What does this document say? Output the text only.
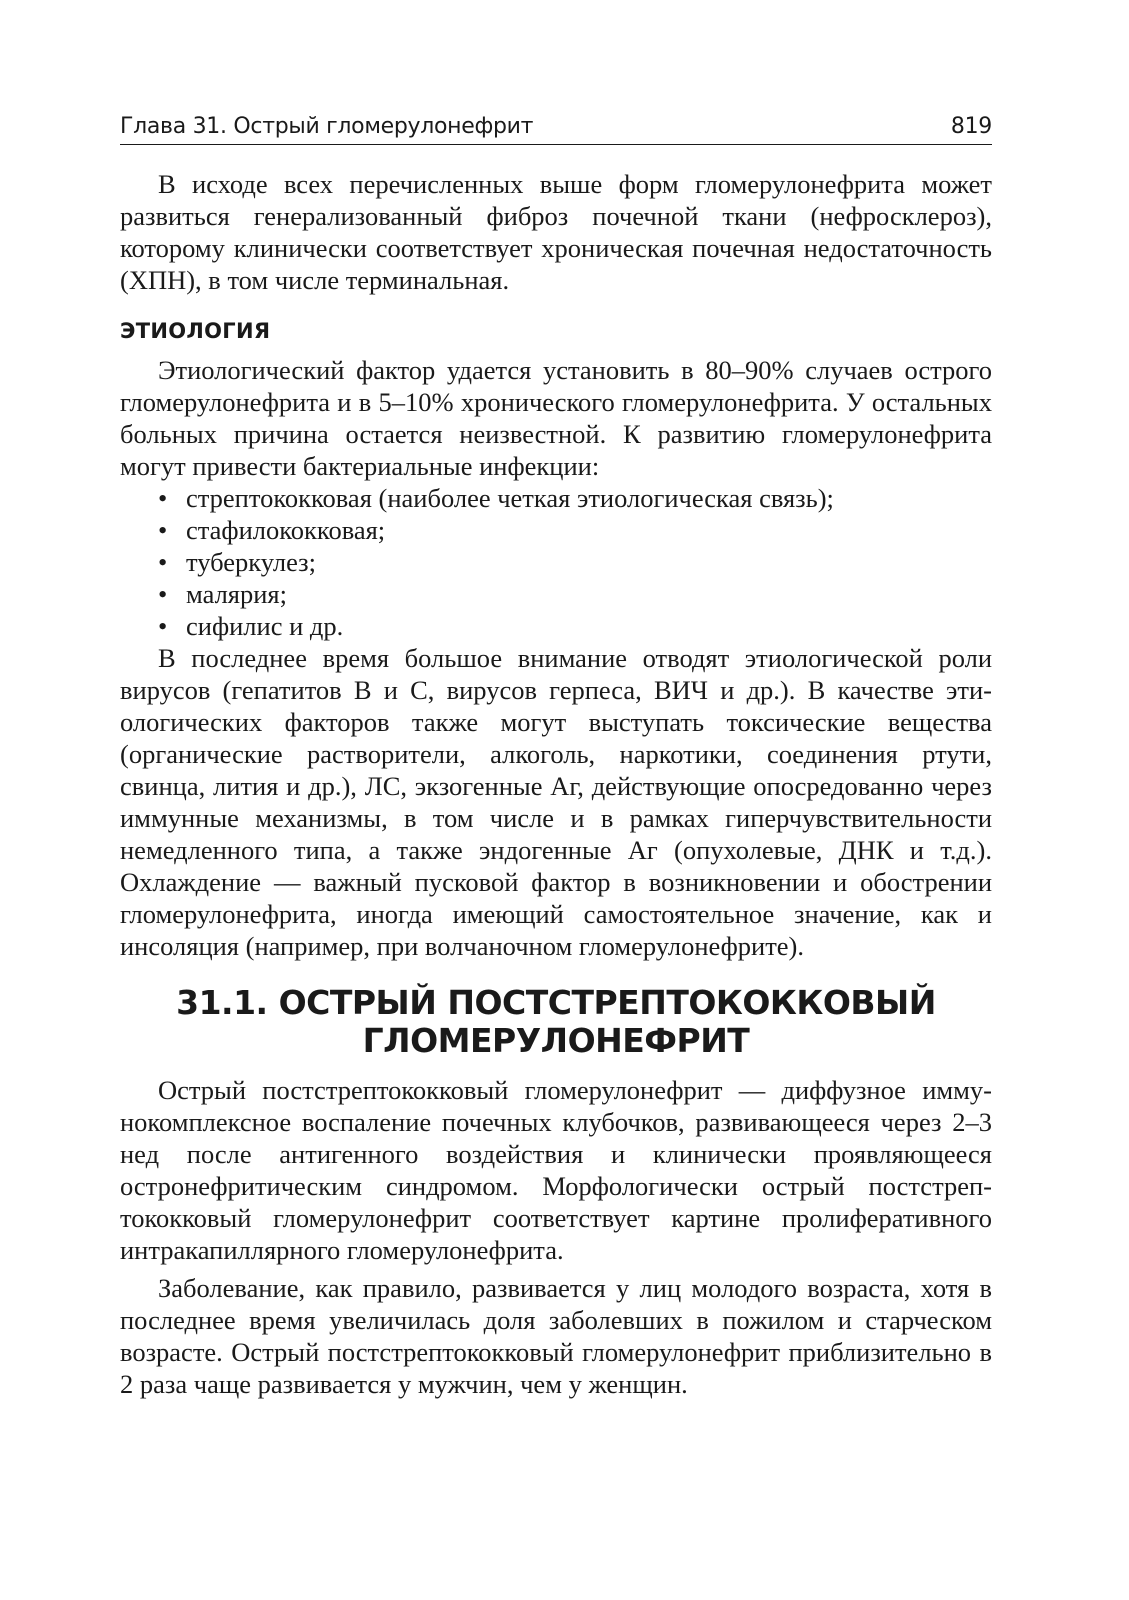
Глава 31. Острый гломерулонефрит	819

В исходе всех перечисленных выше форм гломерулонефрита может развиться генерализованный фиброз почечной ткани (нефросклероз), которому клинически соответствует хроническая почечная недостаточность (ХПН), в том числе терминальная.

ЭТИОЛОГИЯ

Этиологический фактор удается установить в 80–90% случаев острого гломерулонефрита и в 5–10% хронического гломерулонефрита. У остальных больных причина остается неизвестной. К развитию гломерулонефрита могут привести бактериальные инфекции:

• стрептококковая (наиболее четкая этиологическая связь);
• стафилококковая;
• туберкулез;
• малярия;
• сифилис и др.

В последнее время большое внимание отводят этиологической роли вирусов (гепатитов В и С, вирусов герпеса, ВИЧ и др.). В качестве этиологических факторов также могут выступать токсические вещества (органические растворители, алкоголь, наркотики, соединения ртути, свинца, лития и др.), ЛС, экзогенные Аг, действующие опосредованно через иммунные механизмы, в том числе и в рамках гиперчувствительности немедленного типа, а также эндогенные Аг (опухолевые, ДНК и т.д.). Охлаждение — важный пусковой фактор в возникновении и обострении гломерулонефрита, иногда имеющий самостоятельное значение, как и инсоляция (например, при волчаночном гломерулонефрите).

31.1. ОСТРЫЙ ПОСТСТРЕПТОКОККОВЫЙ
ГЛОМЕРУЛОНЕФРИТ

Острый постстрептококковый гломерулонефрит — диффузное иммунокомплексное воспаление почечных клубочков, развивающееся через 2–3 нед после антигенного воздействия и клинически проявляющееся остронефритическим синдромом. Морфологически острый постстрептококковый гломерулонефрит соответствует картине пролиферативного интракапиллярного гломерулонефрита.

Заболевание, как правило, развивается у лиц молодого возраста, хотя в последнее время увеличилась доля заболевших в пожилом и старческом возрасте. Острый постстрептококковый гломерулонефрит приблизительно в 2 раза чаще развивается у мужчин, чем у женщин.
